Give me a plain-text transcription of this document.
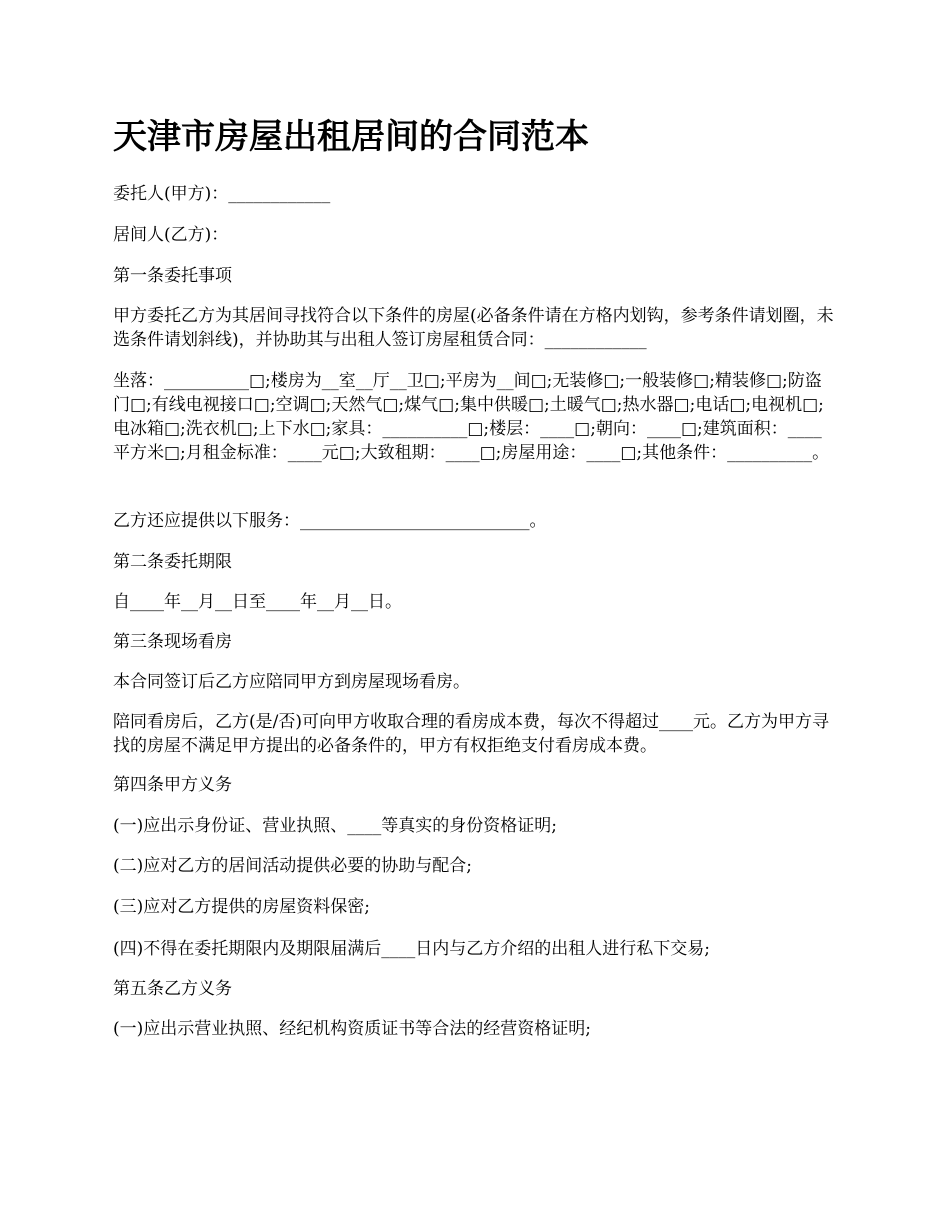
天津市房屋出租居间的合同范本

委托人(甲方)：____________

居间人(乙方)：

第一条委托事项

甲方委托乙方为其居间寻找符合以下条件的房屋(必备条件请在方格内划钩，参考条件请划圈，未选条件请划斜线)，并协助其与出租人签订房屋租赁合同：____________

坐落：__________□;楼房为__室__厅__卫□;平房为__间□;无装修□;一般装修□;精装修□;防盗门□;有线电视接口□;空调□;天然气□;煤气□;集中供暖□;土暖气□;热水器□;电话□;电视机□;电冰箱□;洗衣机□;上下水□;家具：__________□;楼层：____□;朝向：____□;建筑面积：____平方米□;月租金标准：____元□;大致租期：____□;房屋用途：____□;其他条件：__________。

乙方还应提供以下服务：___________________________。

第二条委托期限

自____年__月__日至____年__月__日。

第三条现场看房

本合同签订后乙方应陪同甲方到房屋现场看房。

陪同看房后，乙方(是/否)可向甲方收取合理的看房成本费，每次不得超过____元。乙方为甲方寻找的房屋不满足甲方提出的必备条件的，甲方有权拒绝支付看房成本费。

第四条甲方义务

(一)应出示身份证、营业执照、____等真实的身份资格证明;

(二)应对乙方的居间活动提供必要的协助与配合;

(三)应对乙方提供的房屋资料保密;

(四)不得在委托期限内及期限届满后____日内与乙方介绍的出租人进行私下交易;

第五条乙方义务

(一)应出示营业执照、经纪机构资质证书等合法的经营资格证明;
